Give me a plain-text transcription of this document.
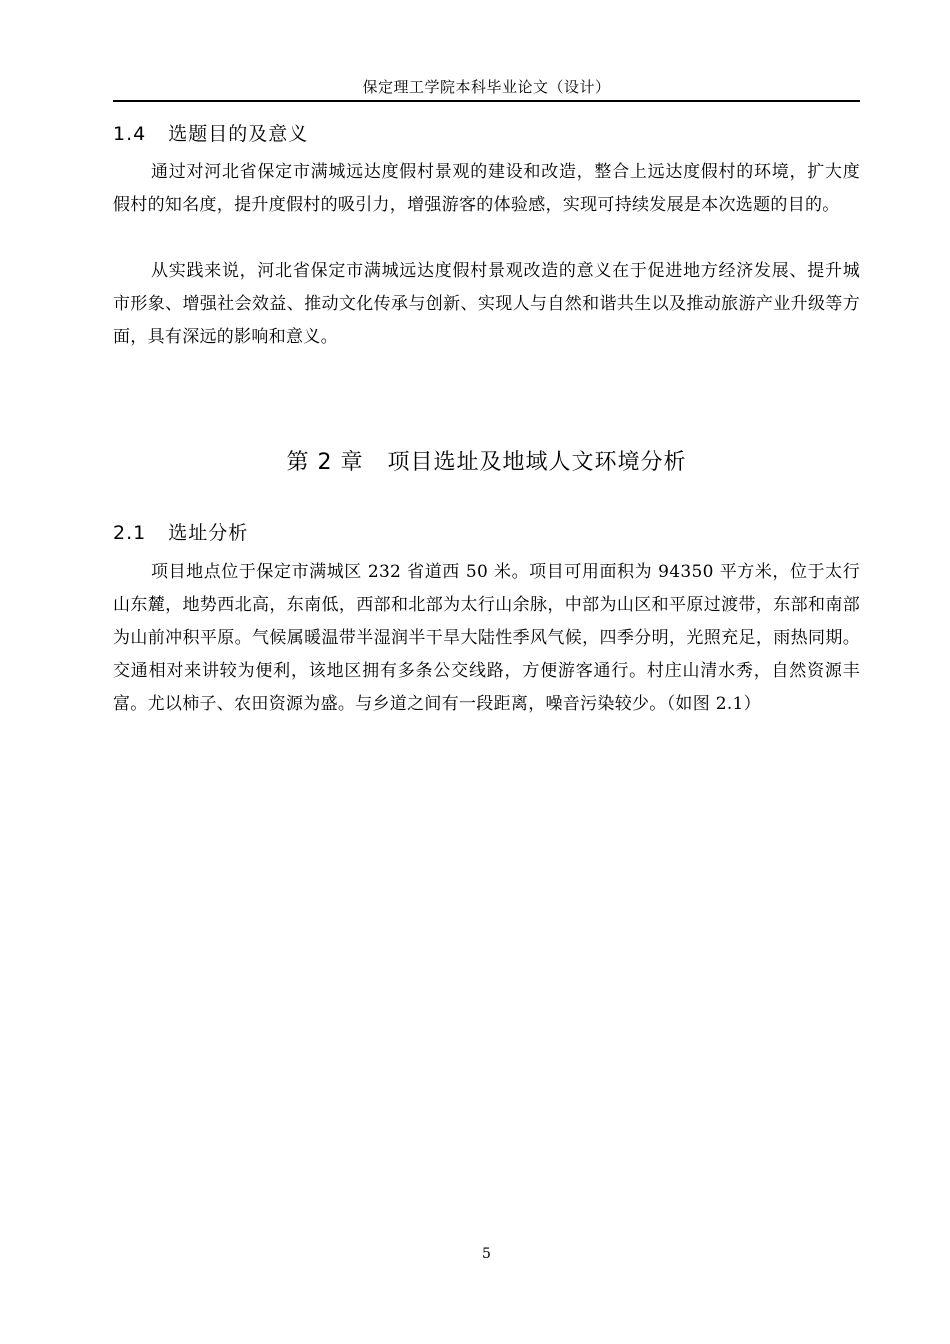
保定理工学院本科毕业论文（设计）
1.4 选题目的及意义

通过对河北省保定市满城远达度假村景观的建设和改造，整合上远达度假村的环境，扩大度假村的知名度，提升度假村的吸引力，增强游客的体验感，实现可持续发展是本次选题的目的。

从实践来说，河北省保定市满城远达度假村景观改造的意义在于促进地方经济发展、提升城市形象、增强社会效益、推动文化传承与创新、实现人与自然和谐共生以及推动旅游产业升级等方面，具有深远的影响和意义。

第 2 章 项目选址及地域人文环境分析
2.1 选址分析

项目地点位于保定市满城区 232 省道西 50 米。项目可用面积为 94350 平方米，位于太行山东麓，地势西北高，东南低，西部和北部为太行山余脉，中部为山区和平原过渡带，东部和南部为山前冲积平原。气候属暖温带半湿润半干旱大陆性季风气候，四季分明，光照充足，雨热同期。交通相对来讲较为便利，该地区拥有多条公交线路，方便游客通行。村庄山清水秀，自然资源丰富。尤以柿子、农田资源为盛。与乡道之间有一段距离，噪音污染较少。（如图 2.1）

5
